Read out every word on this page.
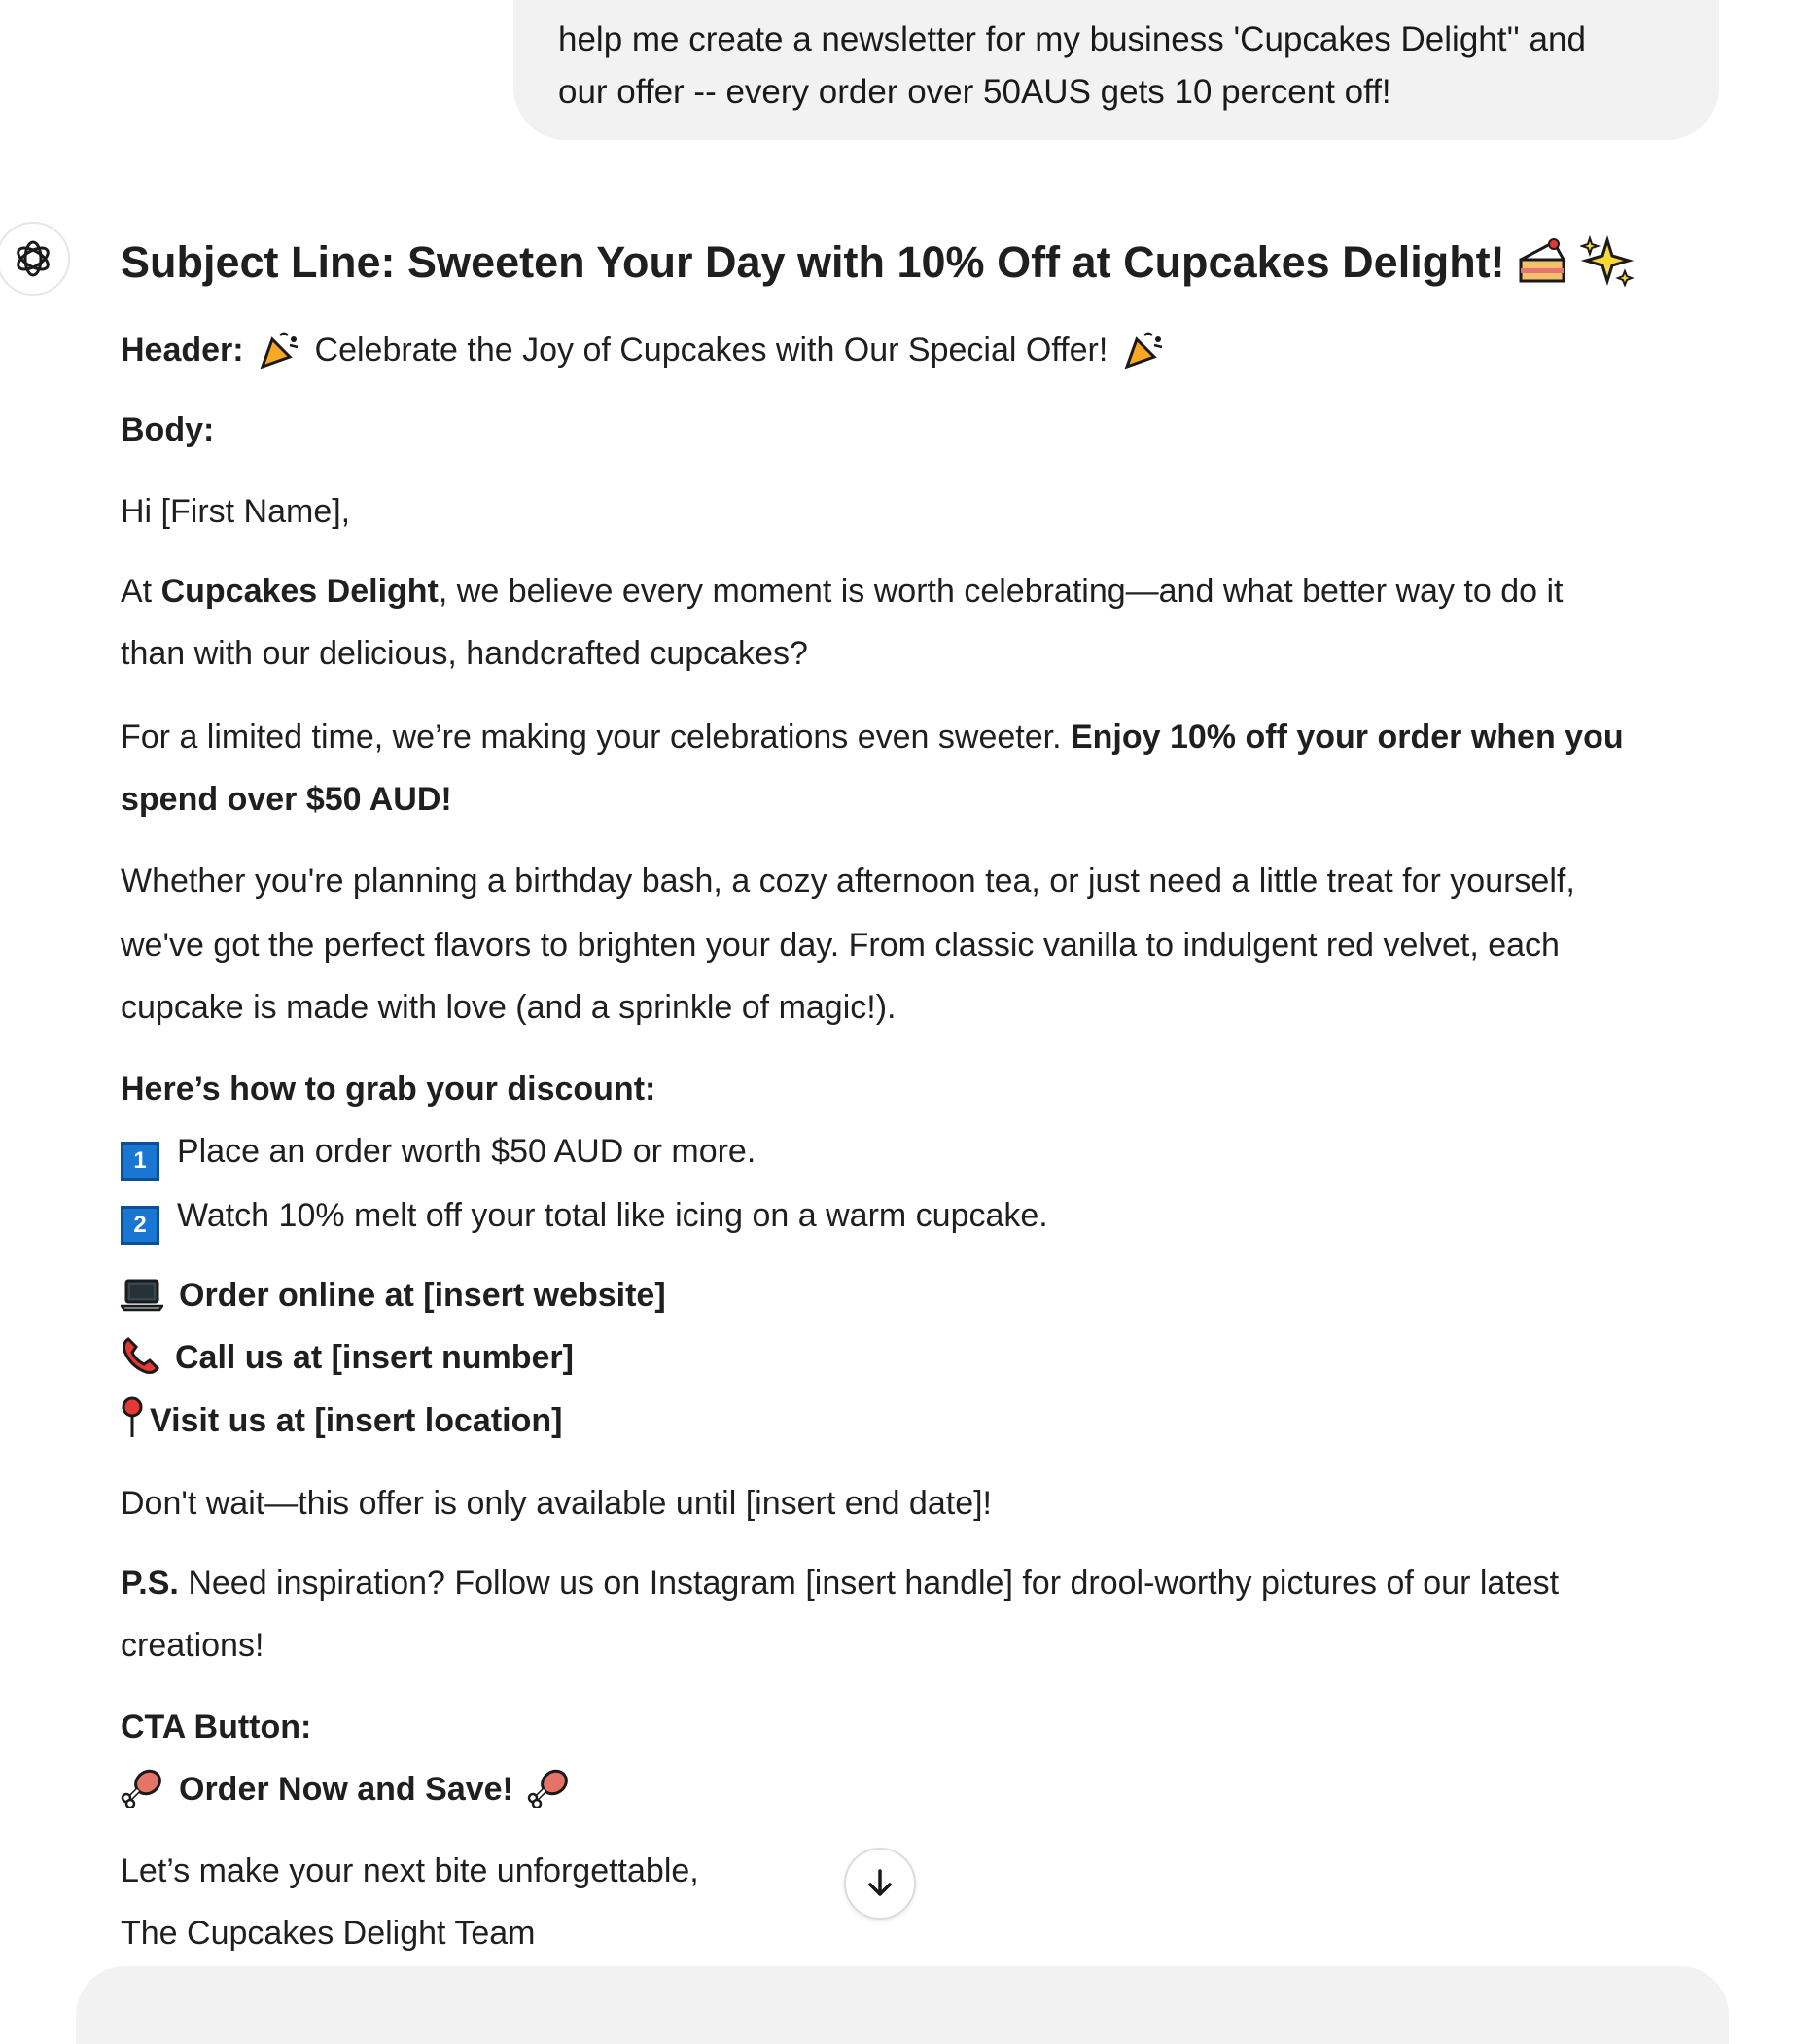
help me create a newsletter for my business 'Cupcakes Delight'' and
our offer -- every order over 50AUS gets 10 percent off!
Subject Line: Sweeten Your Day with 10% Off at Cupcakes Delight!
Header: Celebrate the Joy of Cupcakes with Our Special Offer!
Body:
Hi [First Name],
At Cupcakes Delight, we believe every moment is worth celebrating—and what better way to do it
than with our delicious, handcrafted cupcakes?
For a limited time, we’re making your celebrations even sweeter. Enjoy 10% off your order when you
spend over $50 AUD!
Whether you're planning a birthday bash, a cozy afternoon tea, or just need a little treat for yourself,
we've got the perfect flavors to brighten your day. From classic vanilla to indulgent red velvet, each
cupcake is made with love (and a sprinkle of magic!).
Here’s how to grab your discount:
1 Place an order worth $50 AUD or more.
2 Watch 10% melt off your total like icing on a warm cupcake.
Order online at [insert website]
Call us at [insert number]
Visit us at [insert location]
Don't wait—this offer is only available until [insert end date]!
P.S. Need inspiration? Follow us on Instagram [insert handle] for drool-worthy pictures of our latest
creations!
CTA Button:
Order Now and Save!
Let’s make your next bite unforgettable,
The Cupcakes Delight Team
